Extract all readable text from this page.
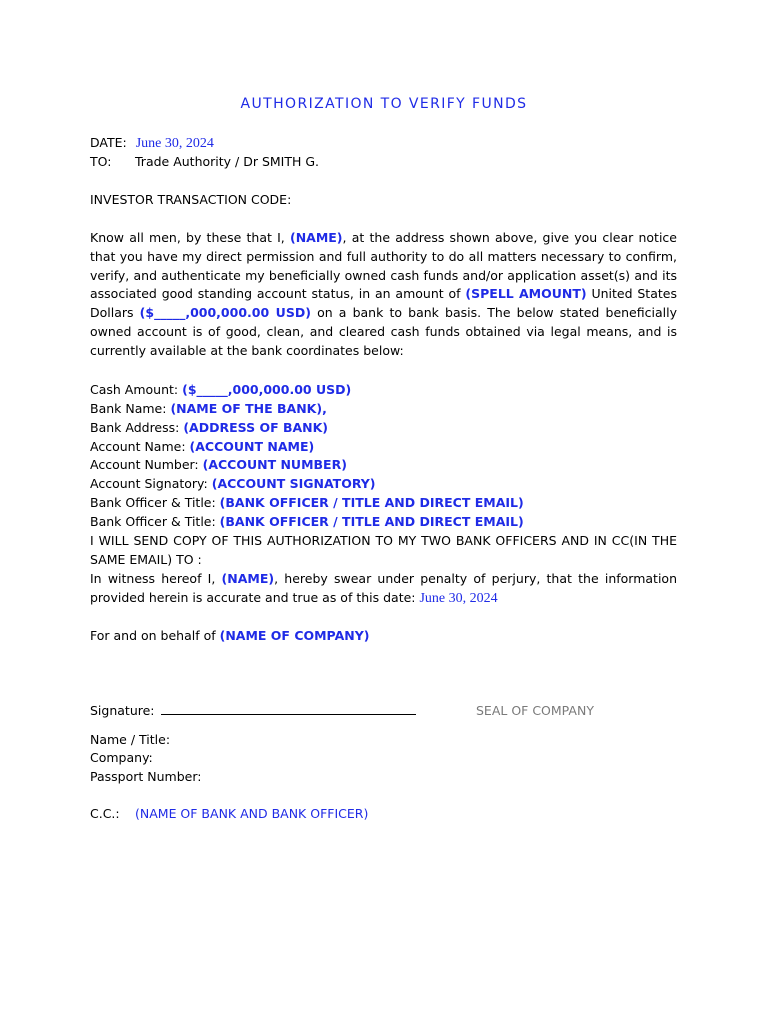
AUTHORIZATION TO VERIFY FUNDS
DATE: June 30, 2024
TO: Trade Authority / Dr SMITH G.
INVESTOR TRANSACTION CODE:
Know all men, by these that I, (NAME), at the address shown above, give you clear notice that you have my direct permission and full authority to do all matters necessary to confirm, verify, and authenticate my beneficially owned cash funds and/or application asset(s) and its associated good standing account status, in an amount of (SPELL AMOUNT) United States Dollars ($_____,000,000.00 USD) on a bank to bank basis. The below stated beneficially owned account is of good, clean, and cleared cash funds obtained via legal means, and is currently available at the bank coordinates below:
Cash Amount: ($_____,000,000.00 USD)
Bank Name: (NAME OF THE BANK),
Bank Address: (ADDRESS OF BANK)
Account Name: (ACCOUNT NAME)
Account Number: (ACCOUNT NUMBER)
Account Signatory: (ACCOUNT SIGNATORY)
Bank Officer & Title: (BANK OFFICER / TITLE AND DIRECT EMAIL)
Bank Officer & Title: (BANK OFFICER / TITLE AND DIRECT EMAIL)
I WILL SEND COPY OF THIS AUTHORIZATION TO MY TWO BANK OFFICERS AND IN CC(IN THE SAME EMAIL) TO :
In witness hereof I, (NAME), hereby swear under penalty of perjury, that the information provided herein is accurate and true as of this date: June 30, 2024
For and on behalf of (NAME OF COMPANY)
Signature:	SEAL OF COMPANY
Name / Title:
Company:
Passport Number:
C.C.: (NAME OF BANK AND BANK OFFICER)
